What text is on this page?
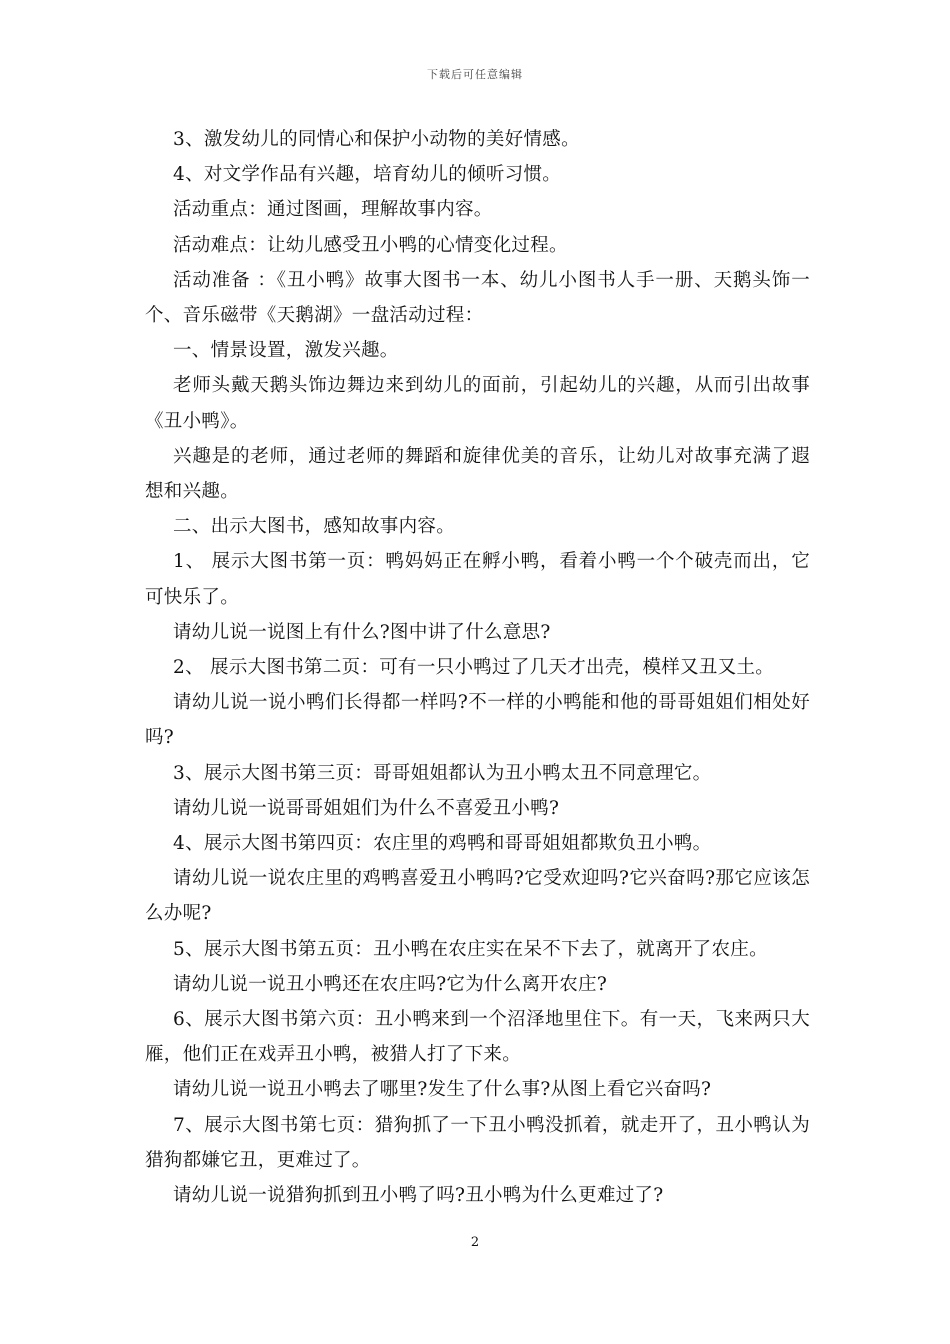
下载后可任意编辑

3、激发幼儿的同情心和保护小动物的美好情感。

4、对文学作品有兴趣，培育幼儿的倾听习惯。

活动重点：通过图画，理解故事内容。

活动难点：让幼儿感受丑小鸭的心情变化过程。

活动准备 ：《丑小鸭》故事大图书一本、幼儿小图书人手一册、天鹅头饰一个、音乐磁带《天鹅湖》一盘活动过程：

一、情景设置，激发兴趣。

老师头戴天鹅头饰边舞边来到幼儿的面前，引起幼儿的兴趣，从而引出故事《丑小鸭》。

兴趣是的老师，通过老师的舞蹈和旋律优美的音乐，让幼儿对故事充满了遐想和兴趣。

二、出示大图书，感知故事内容。

1、 展示大图书第一页：鸭妈妈正在孵小鸭，看着小鸭一个个破壳而出，它可快乐了。

请幼儿说一说图上有什么?图中讲了什么意思?

2、 展示大图书第二页：可有一只小鸭过了几天才出壳，模样又丑又土。

请幼儿说一说小鸭们长得都一样吗?不一样的小鸭能和他的哥哥姐姐们相处好吗?

3、展示大图书第三页：哥哥姐姐都认为丑小鸭太丑不同意理它。

请幼儿说一说哥哥姐姐们为什么不喜爱丑小鸭?

4、展示大图书第四页：农庄里的鸡鸭和哥哥姐姐都欺负丑小鸭。

请幼儿说一说农庄里的鸡鸭喜爱丑小鸭吗?它受欢迎吗?它兴奋吗?那它应该怎么办呢?

5、展示大图书第五页：丑小鸭在农庄实在呆不下去了，就离开了农庄。

请幼儿说一说丑小鸭还在农庄吗?它为什么离开农庄?

6、展示大图书第六页：丑小鸭来到一个沼泽地里住下。有一天，飞来两只大雁，他们正在戏弄丑小鸭，被猎人打了下来。

请幼儿说一说丑小鸭去了哪里?发生了什么事?从图上看它兴奋吗?

7、展示大图书第七页：猎狗抓了一下丑小鸭没抓着，就走开了，丑小鸭认为猎狗都嫌它丑，更难过了。

请幼儿说一说猎狗抓到丑小鸭了吗?丑小鸭为什么更难过了?

2
